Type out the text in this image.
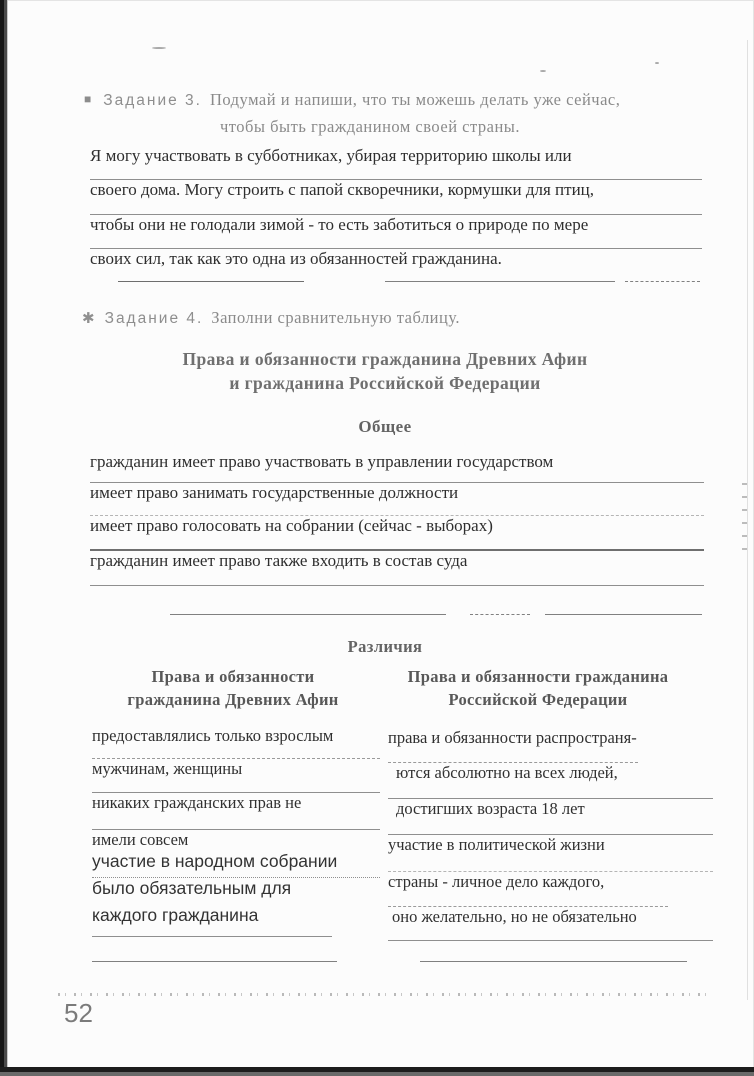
■ Задание 3. Подумай и напиши, что ты можешь делать уже сейчас,
чтобы быть гражданином своей страны.
Я могу участвовать в субботниках, убирая территорию школы или
своего дома. Могу строить с папой скворечники, кормушки для птиц,
чтобы они не голодали зимой - то есть заботиться о природе по мере
своих сил, так как это одна из обязанностей гражданина.
✱ Задание 4. Заполни сравнительную таблицу.
Права и обязанности гражданина Древних Афин
и гражданина Российской Федерации
Общее
гражданин имеет право участвовать в управлении государством
имеет право занимать государственные должности
имеет право голосовать на собрании (сейчас - выборах)
гражданин имеет право также входить в состав суда
Различия
Права и обязанности
гражданина Древних Афин
Права и обязанности гражданина
Российской Федерации
предоставлялись только взрослым
мужчинам, женщины
никаких гражданских прав не
имели совсем
участие в народном собрании
было обязательным для
каждого гражданина
права и обязанности распространя-
ются абсолютно на всех людей,
достигших возраста 18 лет
участие в политической жизни
страны - личное дело каждого,
оно желательно, но не обязательно
52
